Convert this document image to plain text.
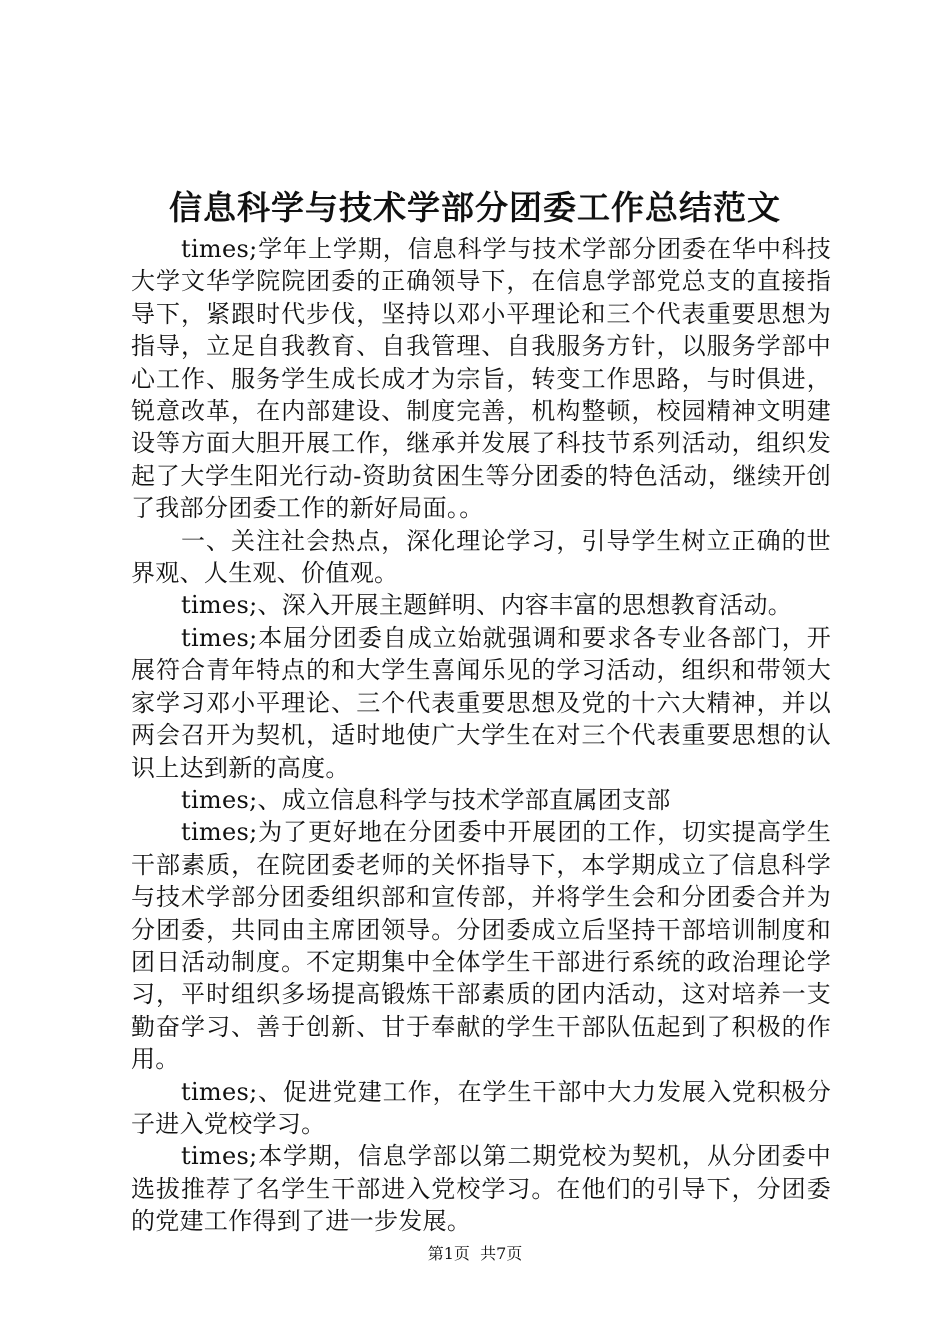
信息科学与技术学部分团委工作总结范文

times;学年上学期，信息科学与技术学部分团委在华中科技大学文华学院院团委的正确领导下，在信息学部党总支的直接指导下，紧跟时代步伐，坚持以邓小平理论和三个代表重要思想为指导，立足自我教育、自我管理、自我服务方针，以服务学部中心工作、服务学生成长成才为宗旨，转变工作思路，与时俱进，锐意改革，在内部建设、制度完善，机构整顿，校园精神文明建设等方面大胆开展工作，继承并发展了科技节系列活动，组织发起了大学生阳光行动-资助贫困生等分团委的特色活动，继续开创了我部分团委工作的新好局面。。

一、关注社会热点，深化理论学习，引导学生树立正确的世界观、人生观、价值观。

times;、深入开展主题鲜明、内容丰富的思想教育活动。

times;本届分团委自成立始就强调和要求各专业各部门，开展符合青年特点的和大学生喜闻乐见的学习活动，组织和带领大家学习邓小平理论、三个代表重要思想及党的十六大精神，并以两会召开为契机，适时地使广大学生在对三个代表重要思想的认识上达到新的高度。

times;、成立信息科学与技术学部直属团支部

times;为了更好地在分团委中开展团的工作，切实提高学生干部素质，在院团委老师的关怀指导下，本学期成立了信息科学与技术学部分团委组织部和宣传部，并将学生会和分团委合并为分团委，共同由主席团领导。分团委成立后坚持干部培训制度和团日活动制度。不定期集中全体学生干部进行系统的政治理论学习，平时组织多场提高锻炼干部素质的团内活动，这对培养一支勤奋学习、善于创新、甘于奉献的学生干部队伍起到了积极的作用。

times;、促进党建工作，在学生干部中大力发展入党积极分子进入党校学习。

times;本学期，信息学部以第二期党校为契机，从分团委中选拔推荐了名学生干部进入党校学习。在他们的引导下，分团委的党建工作得到了进一步发展。

第1页  共7页
